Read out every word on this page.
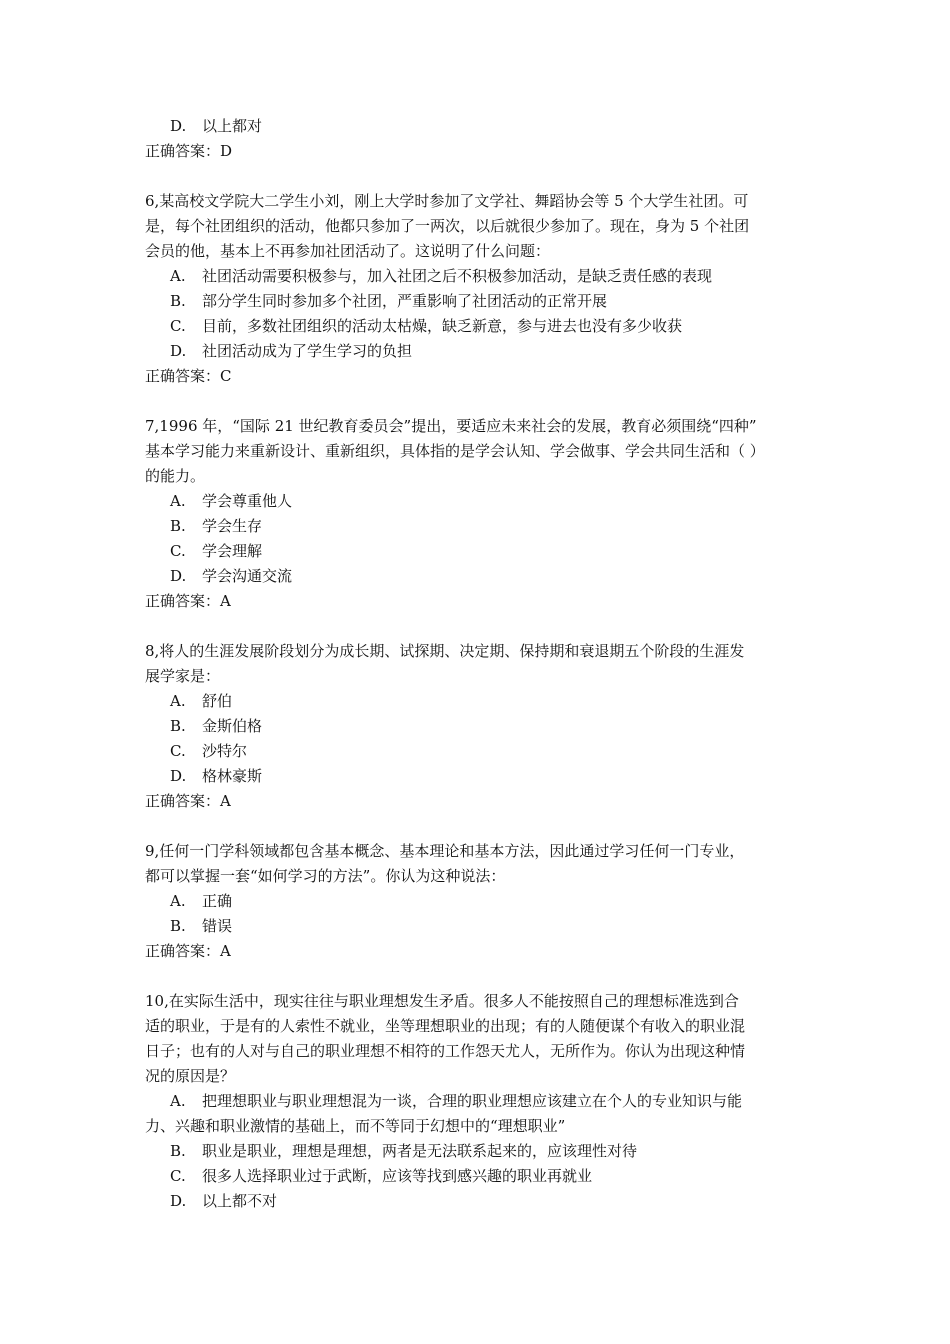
D. 以上都对
正确答案：D
6,某高校文学院大二学生小刘，刚上大学时参加了文学社、舞蹈协会等 5 个大学生社团。可
是，每个社团组织的活动，他都只参加了一两次，以后就很少参加了。现在，身为 5 个社团
会员的他，基本上不再参加社团活动了。这说明了什么问题：
A. 社团活动需要积极参与，加入社团之后不积极参加活动，是缺乏责任感的表现
B. 部分学生同时参加多个社团，严重影响了社团活动的正常开展
C. 目前，多数社团组织的活动太枯燥，缺乏新意，参与进去也没有多少收获
D. 社团活动成为了学生学习的负担
正确答案：C
7,1996 年，“国际 21 世纪教育委员会”提出，要适应未来社会的发展，教育必须围绕“四种”
基本学习能力来重新设计、重新组织，具体指的是学会认知、学会做事、学会共同生活和（ ）
的能力。
A. 学会尊重他人
B. 学会生存
C. 学会理解
D. 学会沟通交流
正确答案：A
8,将人的生涯发展阶段划分为成长期、试探期、决定期、保持期和衰退期五个阶段的生涯发
展学家是：
A. 舒伯
B. 金斯伯格
C. 沙特尔
D. 格林豪斯
正确答案：A
9,任何一门学科领域都包含基本概念、基本理论和基本方法，因此通过学习任何一门专业，
都可以掌握一套“如何学习的方法”。你认为这种说法：
A. 正确
B. 错误
正确答案：A
10,在实际生活中，现实往往与职业理想发生矛盾。很多人不能按照自己的理想标准选到合
适的职业，于是有的人索性不就业，坐等理想职业的出现；有的人随便谋个有收入的职业混
日子；也有的人对与自己的职业理想不相符的工作怨天尤人，无所作为。你认为出现这种情
况的原因是？
A. 把理想职业与职业理想混为一谈，合理的职业理想应该建立在个人的专业知识与能
力、兴趣和职业激情的基础上，而不等同于幻想中的“理想职业”
B. 职业是职业，理想是理想，两者是无法联系起来的，应该理性对待
C. 很多人选择职业过于武断，应该等找到感兴趣的职业再就业
D. 以上都不对
